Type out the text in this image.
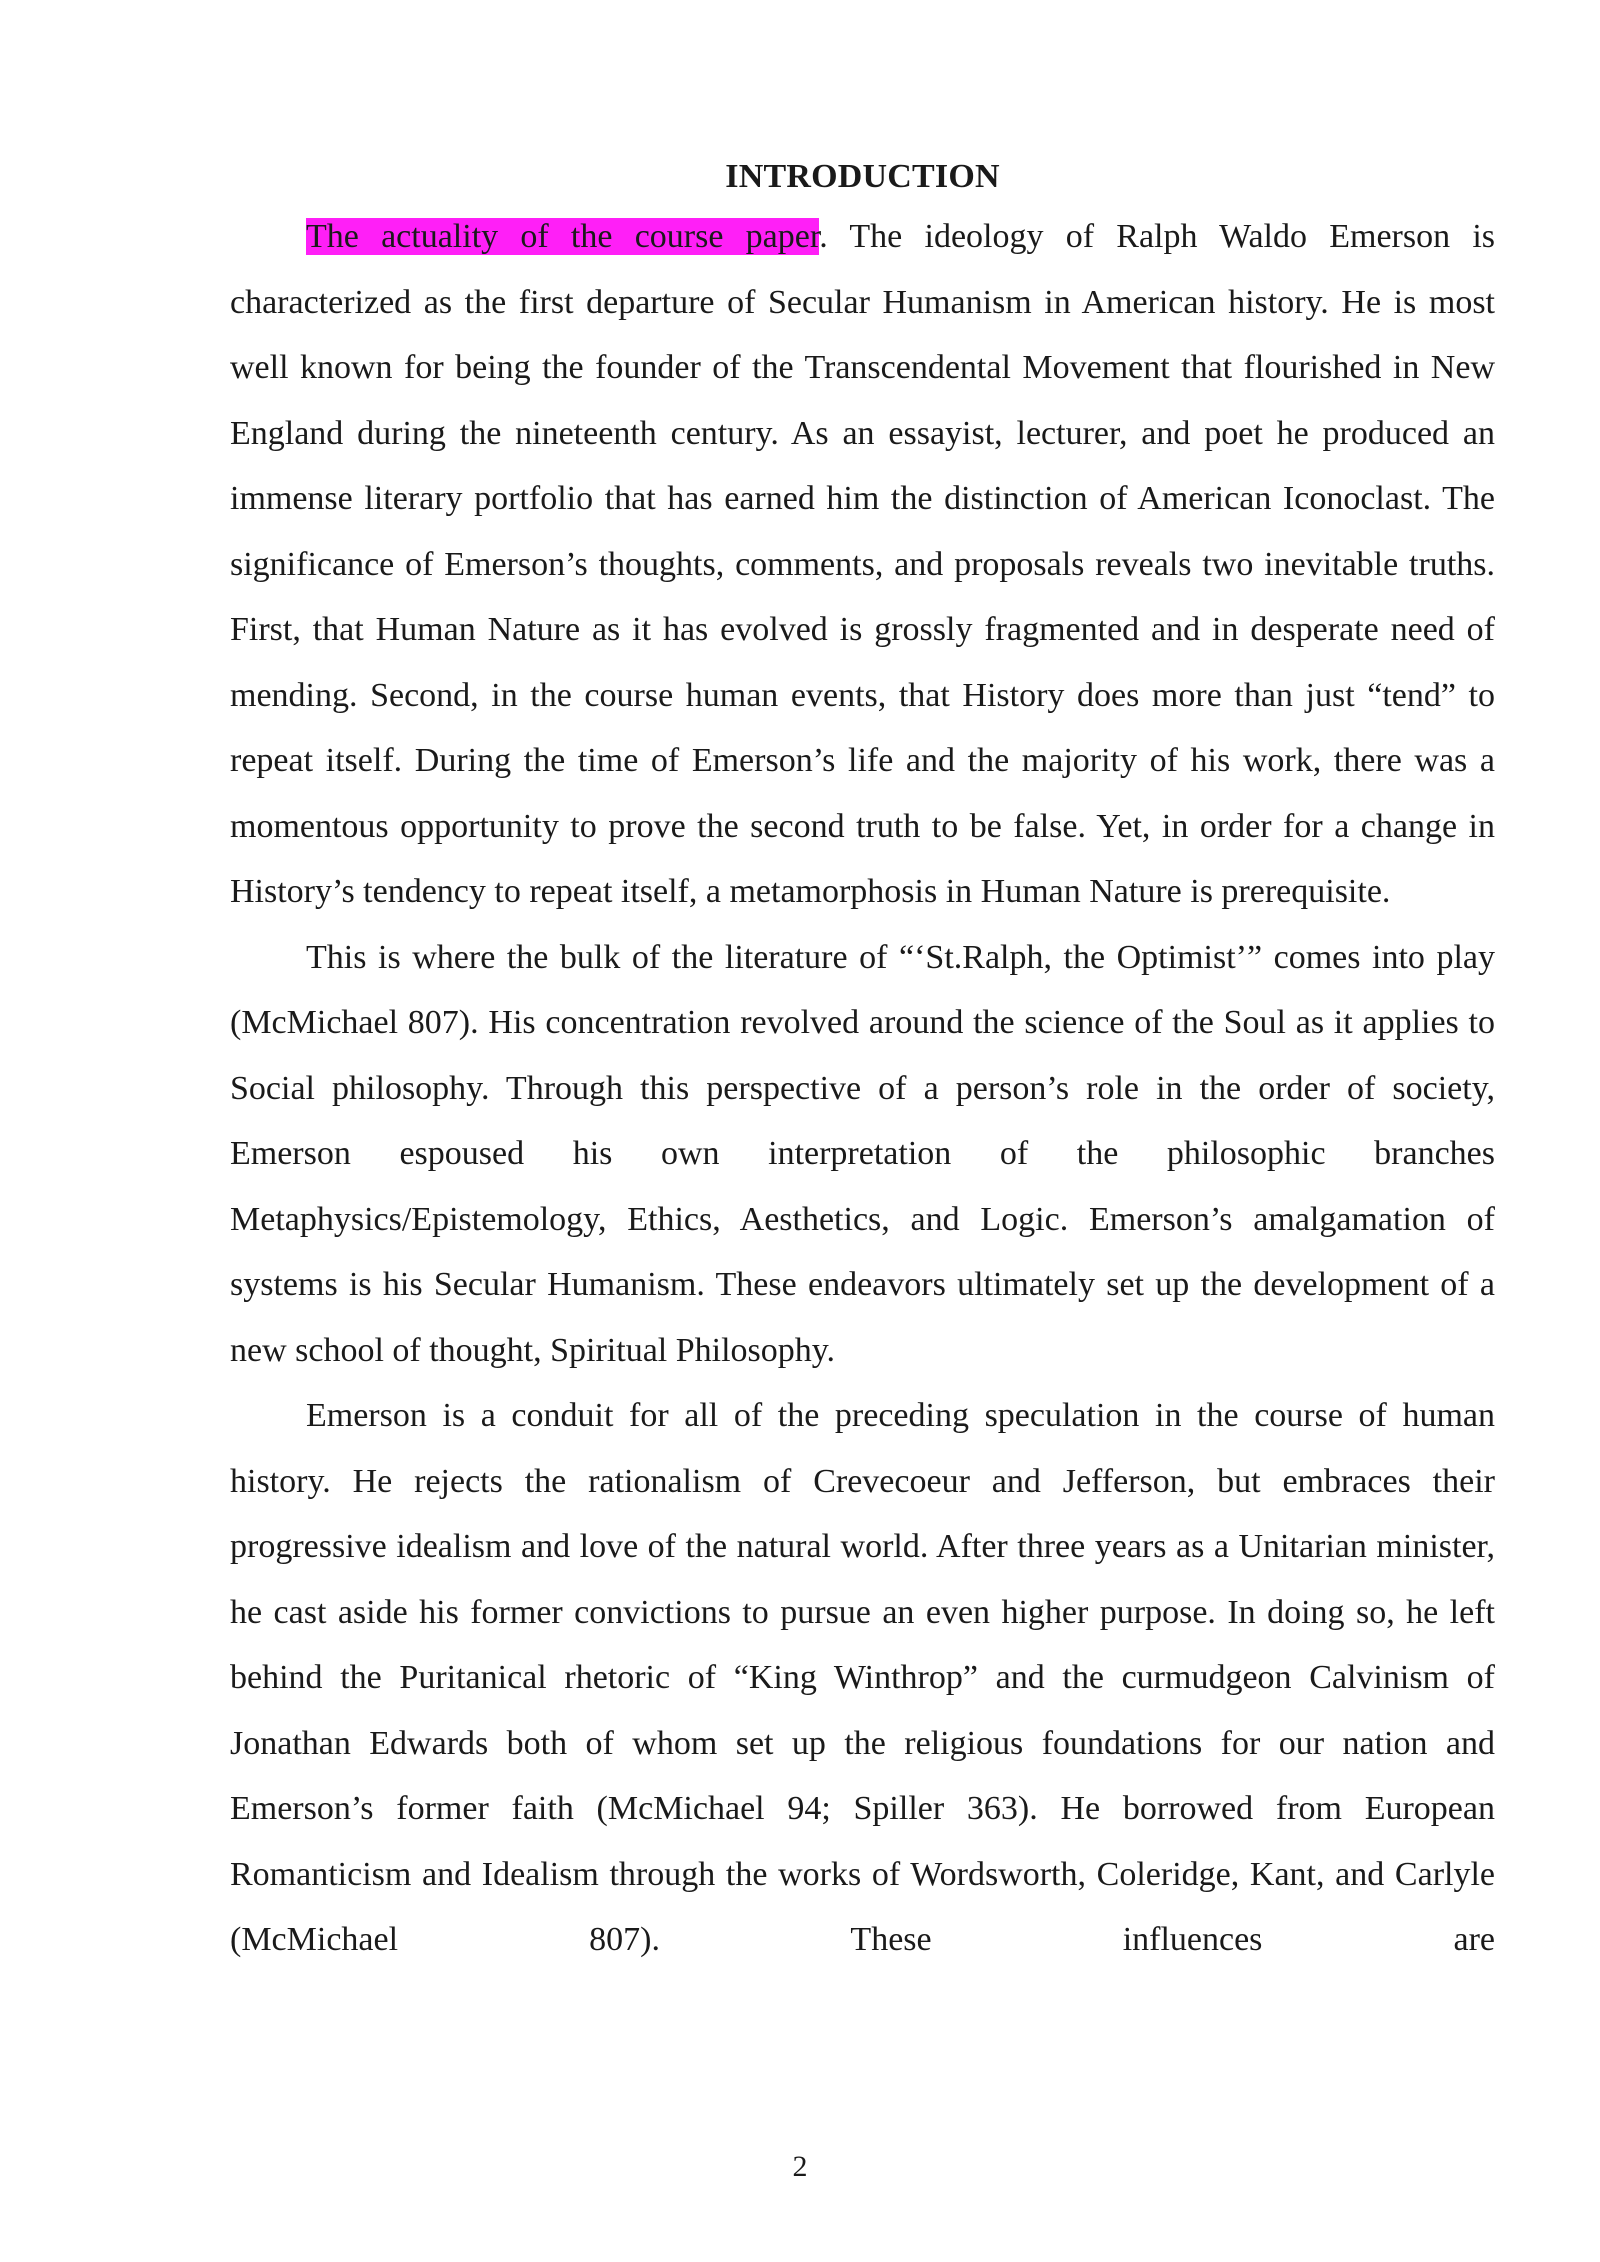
INTRODUCTION

The actuality of the course paper. The ideology of Ralph Waldo Emerson is characterized as the first departure of Secular Humanism in American history. He is most well known for being the founder of the Transcendental Movement that flourished in New England during the nineteenth century. As an essayist, lecturer, and poet he produced an immense literary portfolio that has earned him the distinction of American Iconoclast. The significance of Emerson’s thoughts, comments, and proposals reveals two inevitable truths. First, that Human Nature as it has evolved is grossly fragmented and in desperate need of mending. Second, in the course human events, that History does more than just “tend” to repeat itself. During the time of Emerson’s life and the majority of his work, there was a momentous opportunity to prove the second truth to be false. Yet, in order for a change in History’s tendency to repeat itself, a metamorphosis in Human Nature is prerequisite.

This is where the bulk of the literature of “‘St.Ralph, the Optimist’” comes into play (McMichael 807). His concentration revolved around the science of the Soul as it applies to Social philosophy. Through this perspective of a person’s role in the order of society, Emerson espoused his own interpretation of the philosophic branches Metaphysics/Epistemology, Ethics, Aesthetics, and Logic. Emerson’s amalgamation of systems is his Secular Humanism. These endeavors ultimately set up the development of a new school of thought, Spiritual Philosophy.

Emerson is a conduit for all of the preceding speculation in the course of human history. He rejects the rationalism of Crevecoeur and Jefferson, but embraces their progressive idealism and love of the natural world. After three years as a Unitarian minister, he cast aside his former convictions to pursue an even higher purpose. In doing so, he left behind the Puritanical rhetoric of “King Winthrop” and the curmudgeon Calvinism of Jonathan Edwards both of whom set up the religious foundations for our nation and Emerson’s former faith (McMichael 94; Spiller 363). He borrowed from European Romanticism and Idealism through the works of Wordsworth, Coleridge, Kant, and Carlyle (McMichael 807). These influences are

2
